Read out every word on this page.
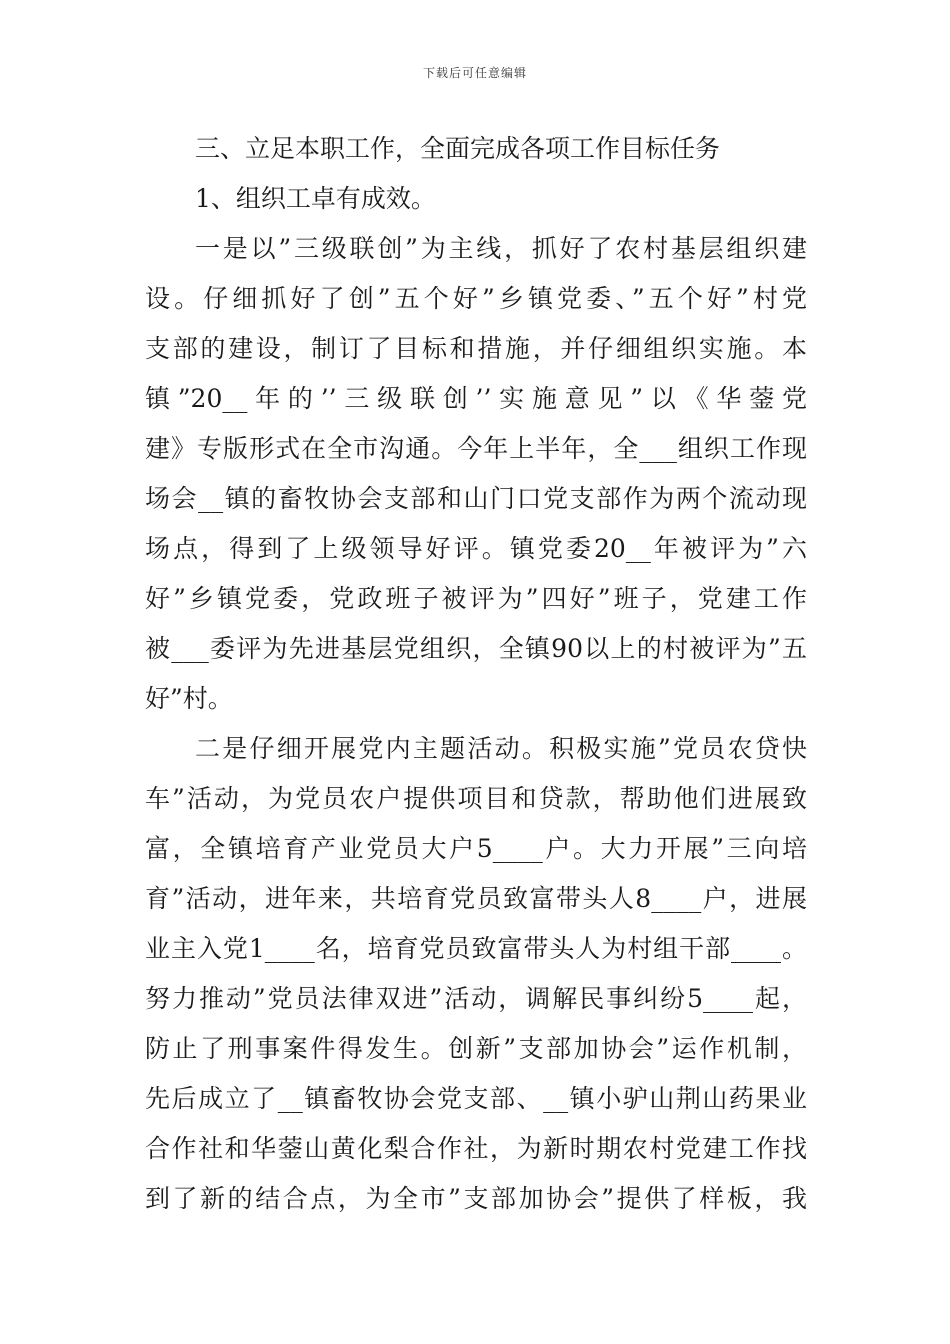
下载后可任意编辑
三、立足本职工作，全面完成各项工作目标任务
1、组织工卓有成效。
一是以”三级联创”为主线，抓好了农村基层组织建
设。仔细抓好了创”五个好”乡镇党委、”五个好”村党
支部的建设，制订了目标和措施，并仔细组织实施。本
镇”20__年的’’三级联创’’实施意见”以《华蓥党
建》专版形式在全市沟通。今年上半年，全___组织工作现
场会__镇的畜牧协会支部和山门口党支部作为两个流动现
场点，得到了上级领导好评。镇党委20__年被评为”六
好”乡镇党委，党政班子被评为”四好”班子，党建工作
被___委评为先进基层党组织，全镇90以上的村被评为”五
好”村。
二是仔细开展党内主题活动。积极实施”党员农贷快
车”活动，为党员农户提供项目和贷款，帮助他们进展致
富，全镇培育产业党员大户5____户。大力开展”三向培
育”活动，进年来，共培育党员致富带头人8____户，进展
业主入党1____名，培育党员致富带头人为村组干部____。
努力推动”党员法律双进”活动，调解民事纠纷5____起，
防止了刑事案件得发生。创新”支部加协会”运作机制，
先后成立了__镇畜牧协会党支部、__镇小驴山荆山药果业
合作社和华蓥山黄化梨合作社，为新时期农村党建工作找
到了新的结合点，为全市”支部加协会”提供了样板，我
